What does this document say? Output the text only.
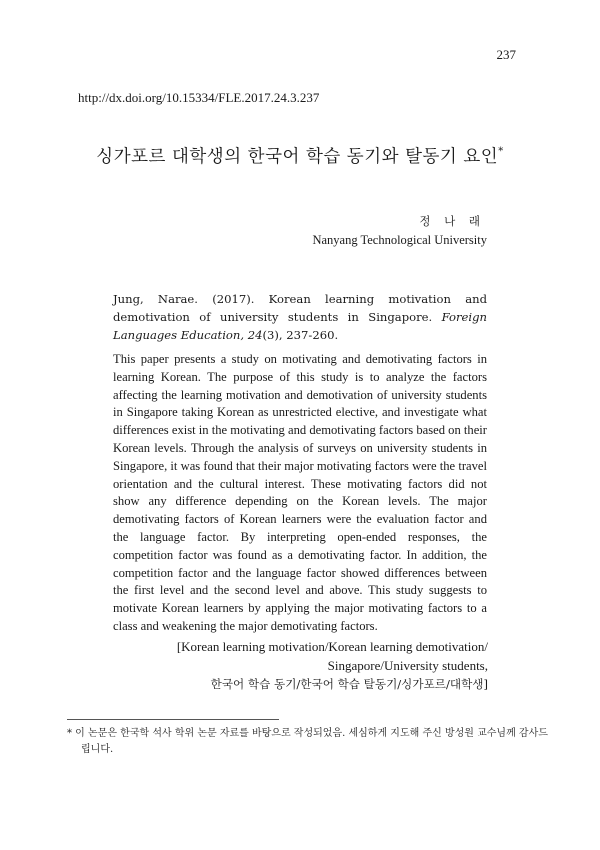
237
http://dx.doi.org/10.15334/FLE.2017.24.3.237
싱가포르 대학생의 한국어 학습 동기와 탈동기 요인*
정 나 래
Nanyang Technological University

Jung, Narae. (2017). Korean learning motivation and demotivation of university students in Singapore. Foreign Languages Education, 24(3), 237-260.

This paper presents a study on motivating and demotivating factors in learning Korean. The purpose of this study is to analyze the factors affecting the learning motivation and demotivation of university students in Singapore taking Korean as unrestricted elective, and investigate what differences exist in the motivating and demotivating factors based on their Korean levels. Through the analysis of surveys on university students in Singapore, it was found that their major motivating factors were the travel orientation and the cultural interest. These motivating factors did not show any difference depending on the Korean levels. The major demotivating factors of Korean learners were the evaluation factor and the language factor. By interpreting open-ended responses, the competition factor was found as a demotivating factor. In addition, the competition factor and the language factor showed differences between the first level and the second level and above. This study suggests to motivate Korean learners by applying the major motivating factors to a class and weakening the major demotivating factors.

[Korean learning motivation/Korean learning demotivation/
Singapore/University students,
한국어 학습 동기/한국어 학습 탈동기/싱가포르/대학생]

* 이 논문은 한국학 석사 학위 논문 자료를 바탕으로 작성되었음. 세심하게 지도해 주신 방성원 교수님께 감사드립니다.
